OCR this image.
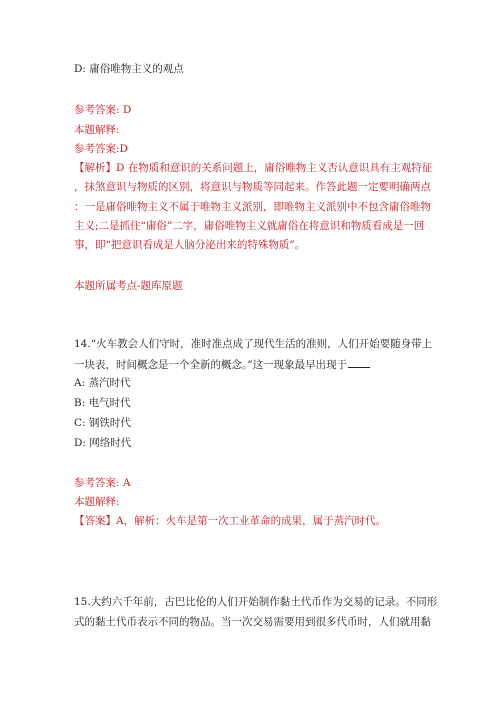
D: 庸俗唯物主义的观点
参考答案: D
本题解释:
参考答案:D
【解析】D 在物质和意识的关系问题上，庸俗唯物主义否认意识具有主观特征
，抹煞意识与物质的区别，将意识与物质等同起来。作答此题一定要明确两点
：一是庸俗唯物主义不属于唯物主义派别，即唯物主义派别中不包含庸俗唯物
主义;二是抓住“庸俗”二字，庸俗唯物主义就庸俗在将意识和物质看成是一回
事，即“把意识看成是人脑分泌出来的特殊物质”。
本题所属考点-题库原题
14.“火车教会人们守时，准时准点成了现代生活的准则，人们开始要随身带上
一块表，时间概念是一个全新的概念。”这一现象最早出现于
A: 蒸汽时代
B: 电气时代
C: 钢铁时代
D: 网络时代
参考答案: A
本题解释:
【答案】A，解析：火车是第一次工业革命的成果，属于蒸汽时代。
15.大约六千年前，古巴比伦的人们开始制作黏土代币作为交易的记录。不同形
式的黏土代币表示不同的物品。当一次交易需要用到很多代币时，人们就用黏
